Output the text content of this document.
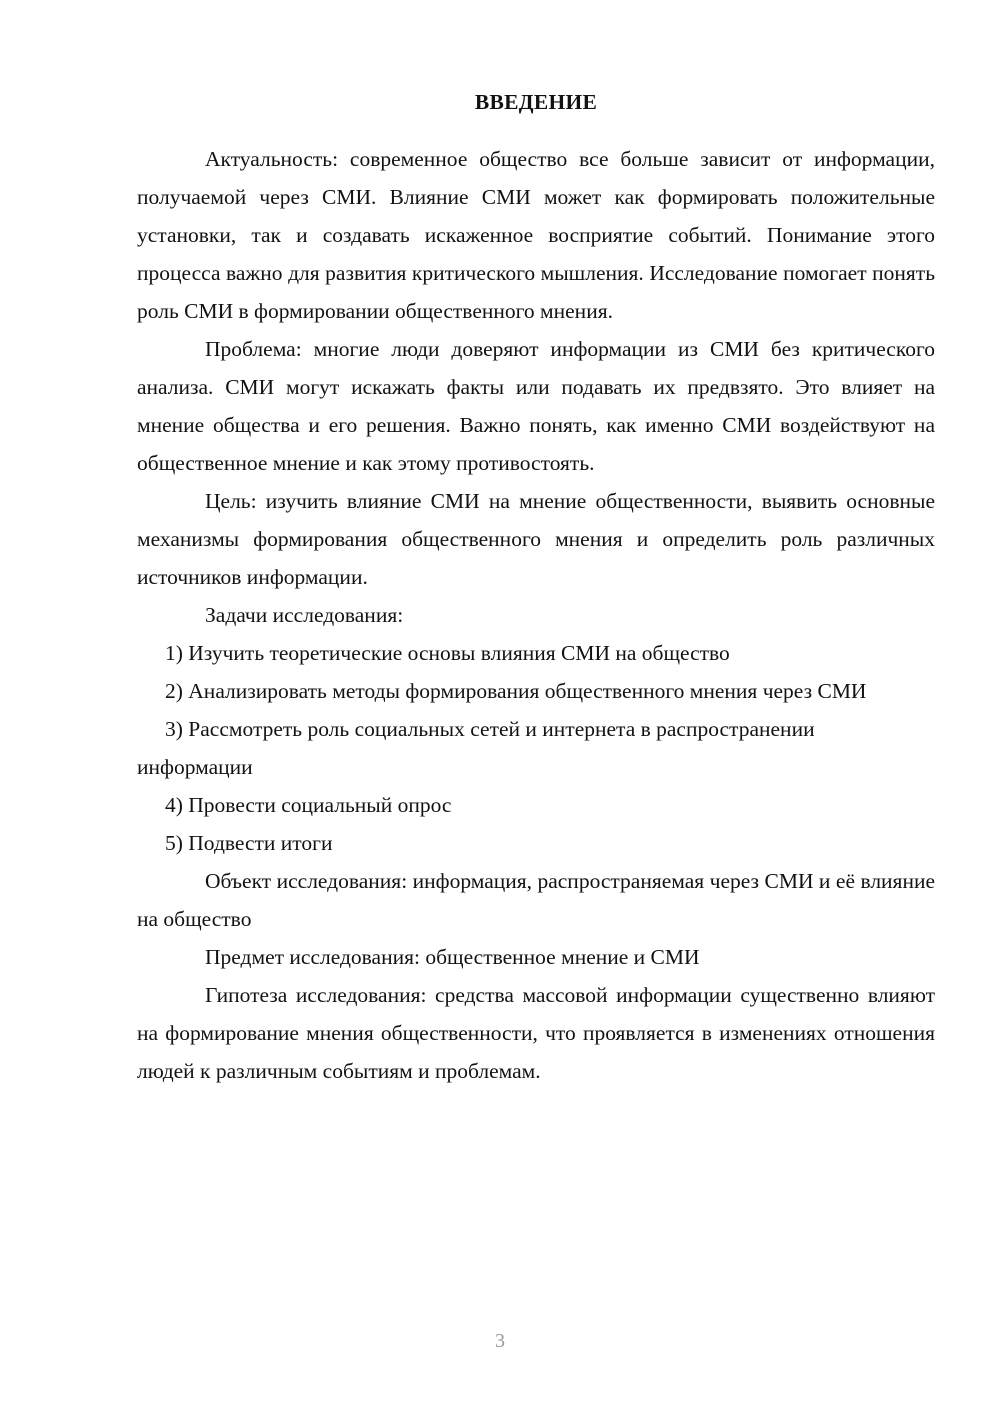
ВВЕДЕНИЕ

Актуальность: современное общество все больше зависит от информации, получаемой через СМИ. Влияние СМИ может как формировать положительные установки, так и создавать искаженное восприятие событий. Понимание этого процесса важно для развития критического мышления. Исследование помогает понять роль СМИ в формировании общественного мнения.

Проблема: многие люди доверяют информации из СМИ без критического анализа. СМИ могут искажать факты или подавать их предвзято. Это влияет на мнение общества и его решения. Важно понять, как именно СМИ воздействуют на общественное мнение и как этому противостоять.

Цель: изучить влияние СМИ на мнение общественности, выявить основные механизмы формирования общественного мнения и определить роль различных источников информации.

Задачи исследования:

1) Изучить теоретические основы влияния СМИ на общество

2) Анализировать методы формирования общественного мнения через СМИ

3) Рассмотреть роль социальных сетей и интернета в распространении информации

4) Провести социальный опрос

5) Подвести итоги

Объект исследования: информация, распространяемая через СМИ и её влияние на общество

Предмет исследования: общественное мнение и СМИ

Гипотеза исследования: средства массовой информации существенно влияют на формирование мнения общественности, что проявляется в изменениях отношения людей к различным событиям и проблемам.

3
